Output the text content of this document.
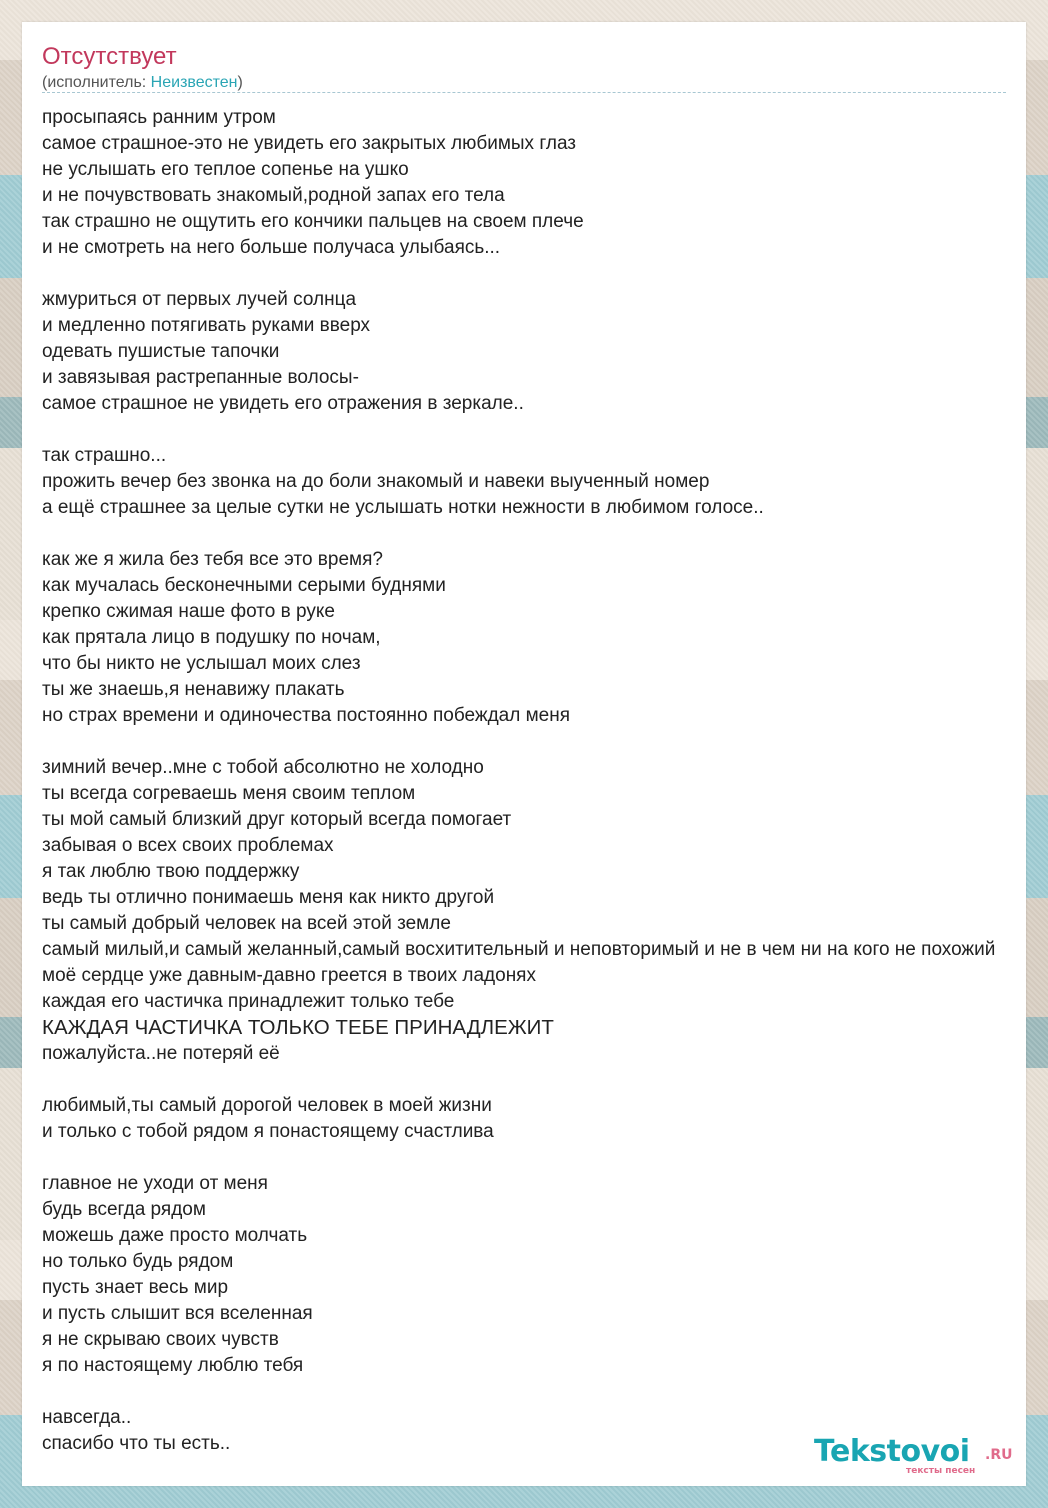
Отсутствует
(исполнитель: Неизвестен)
просыпаясь ранним утром
самое страшное-это не увидеть его закрытых любимых глаз
не услышать его теплое сопенье на ушко
и не почувствовать знакомый,родной запах его тела
так страшно не ощутить его кончики пальцев на своем плече
и не смотреть на него больше получаса улыбаясь...
жмуриться от первых лучей солнца
и медленно потягивать руками вверх
одевать пушистые тапочки
и завязывая растрепанные волосы-
самое страшное не увидеть его отражения в зеркале..
так страшно...
прожить вечер без звонка на до боли знакомый и навеки выученный номер
а ещё страшнее за целые сутки не услышать нотки нежности в любимом голосе..
как же я жила без тебя все это время?
как мучалась бесконечными серыми буднями
крепко сжимая наше фото в руке
как прятала лицо в подушку по ночам,
что бы никто не услышал моих слез
ты же знаешь,я ненавижу плакать
но страх времени и одиночества постоянно побеждал меня
зимний вечер..мне с тобой абсолютно не холодно
ты всегда согреваешь меня своим теплом
ты мой самый близкий друг который всегда помогает
забывая о всех своих проблемах
я так люблю твою поддержку
ведь ты отлично понимаешь меня как никто другой
ты самый добрый человек на всей этой земле
самый милый,и самый желанный,самый восхитительный и неповторимый и не в чем ни на кого не похожий
моё сердце уже давным-давно греется в твоих ладонях
каждая его частичка принадлежит только тебе
КАЖДАЯ ЧАСТИЧКА ТОЛЬКО ТЕБЕ ПРИНАДЛЕЖИТ
пожалуйста..не потеряй её
любимый,ты самый дорогой человек в моей жизни
и только с тобой рядом я понастоящему счастлива
главное не уходи от меня
будь всегда рядом
можешь даже просто молчать
но только будь рядом
пусть знает весь мир
и пусть слышит вся вселенная
я не скрываю своих чувств
я по настоящему люблю тебя
навсегда..
спасибо что ты есть..	Tekstovoi .RU
тексты песен
